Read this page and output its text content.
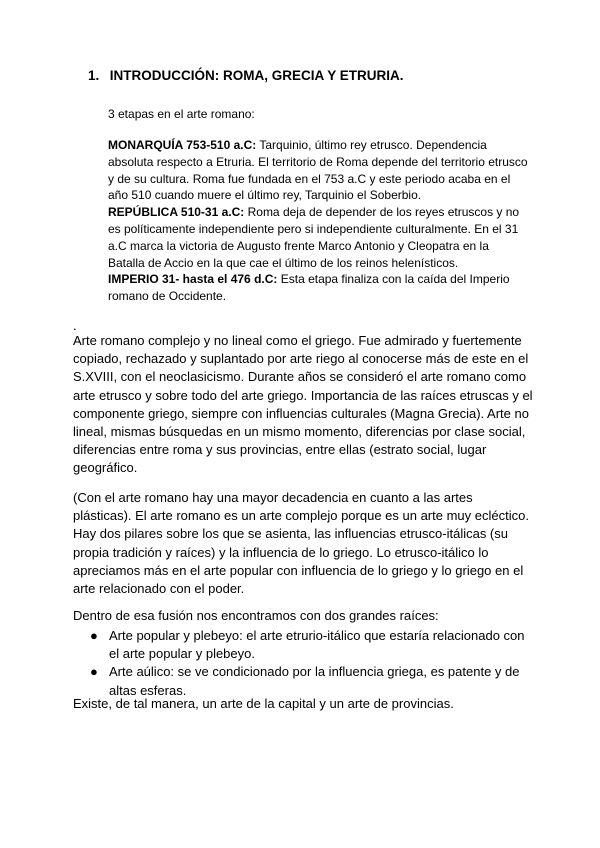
1. INTRODUCCIÓN: ROMA, GRECIA Y ETRURIA.

3 etapas en el arte romano:

MONARQUÍA 753-510 a.C: Tarquinio, último rey etrusco. Dependencia absoluta respecto a Etruria. El territorio de Roma depende del territorio etrusco y de su cultura. Roma fue fundada en el 753 a.C y este periodo acaba en el año 510 cuando muere el último rey, Tarquinio el Soberbio.

REPÚBLICA 510-31 a.C: Roma deja de depender de los reyes etruscos y no es políticamente independiente pero si independiente culturalmente. En el 31 a.C marca la victoria de Augusto frente Marco Antonio y Cleopatra en la Batalla de Accio en la que cae el último de los reinos helenísticos.

IMPERIO 31- hasta el 476 d.C: Esta etapa finaliza con la caída del Imperio romano de Occidente.

.

Arte romano complejo y no lineal como el griego. Fue admirado y fuertemente copiado, rechazado y suplantado por arte riego al conocerse más de este en el S.XVIII, con el neoclasicismo. Durante años se consideró el arte romano como arte etrusco y sobre todo del arte griego. Importancia de las raíces etruscas y el componente griego, siempre con influencias culturales (Magna Grecia). Arte no lineal, mismas búsquedas en un mismo momento, diferencias por clase social, diferencias entre roma y sus provincias, entre ellas (estrato social, lugar geográfico.

(Con el arte romano hay una mayor decadencia en cuanto a las artes plásticas). El arte romano es un arte complejo porque es un arte muy ecléctico. Hay dos pilares sobre los que se asienta, las influencias etrusco-itálicas (su propia tradición y raíces) y la influencia de lo griego. Lo etrusco-itálico lo apreciamos más en el arte popular con influencia de lo griego y lo griego en el arte relacionado con el poder.

Dentro de esa fusión nos encontramos con dos grandes raíces:

● Arte popular y plebeyo: el arte etrurio-itálico que estaría relacionado con el arte popular y plebeyo.
● Arte aúlico: se ve condicionado por la influencia griega, es patente y de altas esferas.

Existe, de tal manera, un arte de la capital y un arte de provincias.
